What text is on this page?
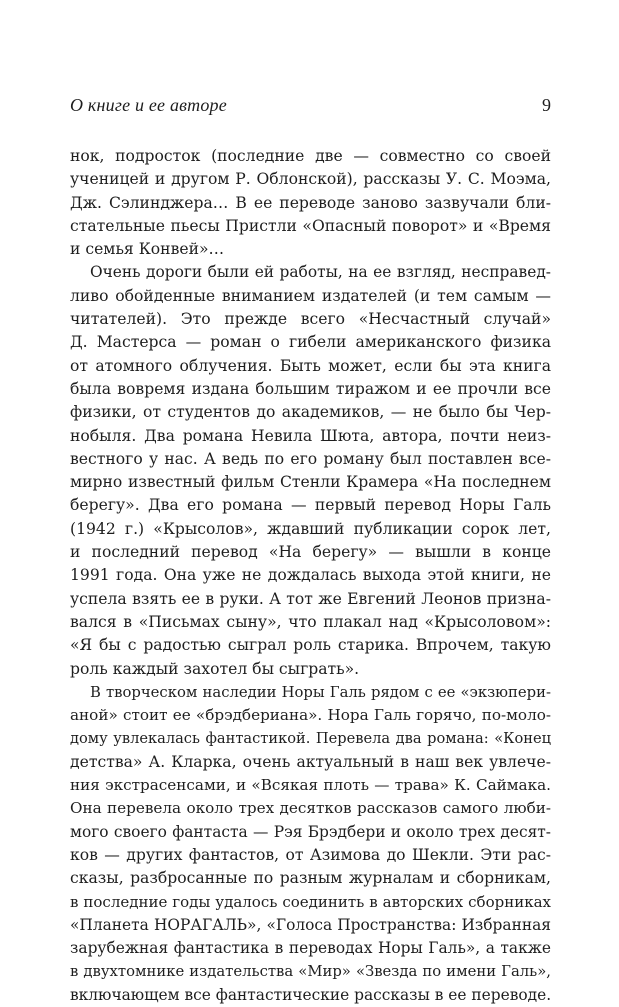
О книге и ее авторе	9
нок, подросток (последние две — совместно со своей
ученицей и другом Р. Облонской), рассказы У. С. Моэма,
Дж. Сэлинджера… В ее переводе заново зазвучали бли-
стательные пьесы Пристли «Опасный поворот» и «Время
и семья Конвей»…
Очень дороги были ей работы, на ее взгляд, несправед-
ливо обойденные вниманием издателей (и тем самым —
читателей). Это прежде всего «Несчастный случай»
Д. Мастерса — роман о гибели американского физика
от атомного облучения. Быть может, если бы эта книга
была вовремя издана большим тиражом и ее прочли все
физики, от студентов до академиков, — не было бы Чер-
нобыля. Два романа Невила Шюта, автора, почти неиз-
вестного у нас. А ведь по его роману был поставлен все-
мирно известный фильм Стенли Крамера «На последнем
берегу». Два его романа — первый перевод Норы Галь
(1942 г.) «Крысолов», ждавший публикации сорок лет,
и последний перевод «На берегу» — вышли в конце
1991 года. Она уже не дождалась выхода этой книги, не
успела взять ее в руки. А тот же Евгений Леонов призна-
вался в «Письмах сыну», что плакал над «Крысоловом»:
«Я бы с радостью сыграл роль старика. Впрочем, такую
роль каждый захотел бы сыграть».
В творческом наследии Норы Галь рядом с ее «экзюпери-
аной» стоит ее «брэдбериана». Нора Галь горячо, по-моло-
дому увлекалась фантастикой. Перевела два романа: «Конец
детства» А. Кларка, очень актуальный в наш век увлече-
ния экстрасенсами, и «Всякая плоть — трава» К. Саймака.
Она перевела около трех десятков рассказов самого люби-
мого своего фантаста — Рэя Брэдбери и около трех десят-
ков — других фантастов, от Азимова до Шекли. Эти рас-
сказы, разбросанные по разным журналам и сборникам,
в последние годы удалось соединить в авторских сборниках
«Планета НОРАГАЛЬ», «Голоса Пространства: Избранная
зарубежная фантастика в переводах Норы Галь», а также
в двухтомнике издательства «Мир» «Звезда по имени Галь»,
включающем все фантастические рассказы в ее переводе.
